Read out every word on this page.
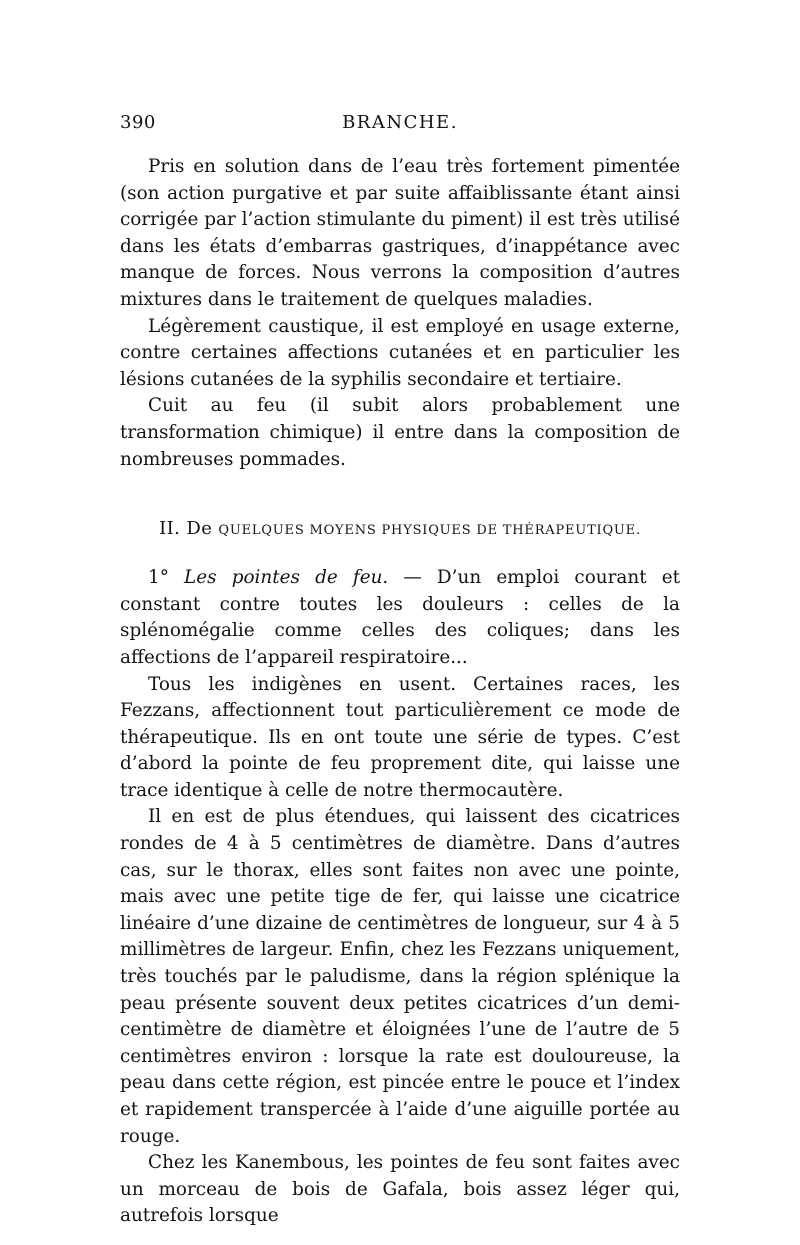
390	BRANCHE.

Pris en solution dans de l’eau très fortement pimentée (son action purgative et par suite affaiblissante étant ainsi corrigée par l’action stimulante du piment) il est très utilisé dans les états d’embarras gastriques, d’inappétance avec manque de forces. Nous verrons la composition d’autres mixtures dans le traitement de quelques maladies.

Légèrement caustique, il est employé en usage externe, contre certaines affections cutanées et en particulier les lésions cutanées de la syphilis secondaire et tertiaire.

Cuit au feu (il subit alors probablement une transformation chimique) il entre dans la composition de nombreuses pommades.

II. De QUELQUES MOYENS PHYSIQUES DE THÉRAPEUTIQUE.

1° Les pointes de feu. — D’un emploi courant et constant contre toutes les douleurs : celles de la splénomégalie comme celles des coliques; dans les affections de l’appareil respiratoire...

Tous les indigènes en usent. Certaines races, les Fezzans, affectionnent tout particulièrement ce mode de thérapeutique. Ils en ont toute une série de types. C’est d’abord la pointe de feu proprement dite, qui laisse une trace identique à celle de notre thermocautère.

Il en est de plus étendues, qui laissent des cicatrices rondes de 4 à 5 centimètres de diamètre. Dans d’autres cas, sur le thorax, elles sont faites non avec une pointe, mais avec une petite tige de fer, qui laisse une cicatrice linéaire d’une dizaine de centimètres de longueur, sur 4 à 5 millimètres de largeur. Enfin, chez les Fezzans uniquement, très touchés par le paludisme, dans la région splénique la peau présente souvent deux petites cicatrices d’un demi-centimètre de diamètre et éloignées l’une de l’autre de 5 centimètres environ : lorsque la rate est douloureuse, la peau dans cette région, est pincée entre le pouce et l’index et rapidement transpercée à l’aide d’une aiguille portée au rouge.

Chez les Kanembous, les pointes de feu sont faites avec un morceau de bois de Gafala, bois assez léger qui, autrefois lorsque
